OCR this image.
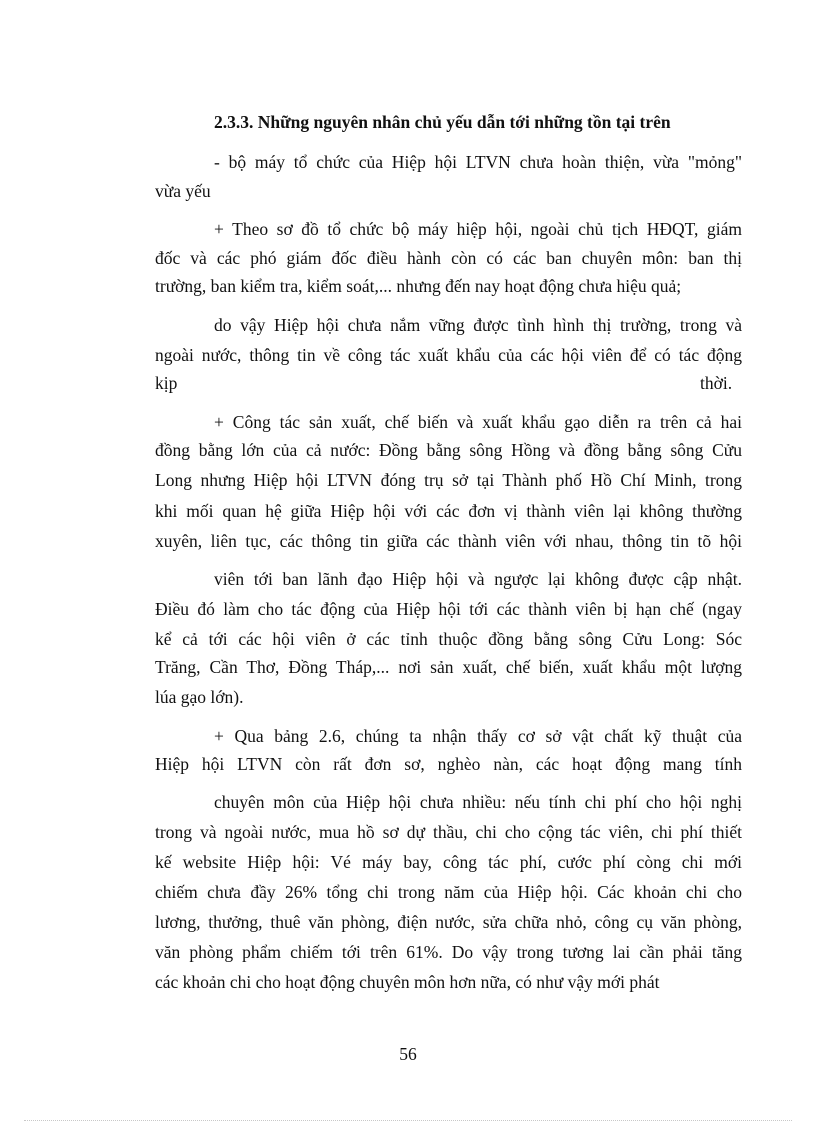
2.3.3. Những nguyên nhân chủ yếu dẫn tới những tồn tại trên
- bộ máy tổ chức của Hiệp hội LTVN chưa hoàn thiện, vừa "mỏng"
vừa yếu
+ Theo sơ đồ tổ chức bộ máy hiệp hội, ngoài chủ tịch HĐQT, giám
đốc và các phó giám đốc điều hành còn có các ban chuyên môn: ban thị
trường, ban kiểm tra, kiểm soát,... nhưng đến nay hoạt động chưa hiệu quả;
do vậy Hiệp hội chưa nắm vững được tình hình thị trường, trong và
ngoài nước, thông tin về công tác xuất khẩu của các hội viên để có tác động
kịp	thời.
+ Công tác sản xuất, chế biến và xuất khẩu gạo diễn ra trên cả hai
đồng bằng lớn của cả nước: Đồng bằng sông Hồng và đồng bằng sông Cửu
Long nhưng Hiệp hội LTVN đóng trụ sở tại Thành phố Hồ Chí Minh, trong
khi mối quan hệ giữa Hiệp hội với các đơn vị thành viên lại không thường
xuyên, liên tục, các thông tin giữa các thành viên với nhau, thông tin tõ hội
viên tới ban lãnh đạo Hiệp hội và ngược lại không được cập nhật.
Điều đó làm cho tác động của Hiệp hội tới các thành viên bị hạn chế (ngay
kể cả tới các hội viên ở các tỉnh thuộc đồng bằng sông Cửu Long: Sóc
Trăng, Cần Thơ, Đồng Tháp,... nơi sản xuất, chế biến, xuất khẩu một lượng
lúa gạo lớn).
+ Qua bảng 2.6, chúng ta nhận thấy cơ sở vật chất kỹ thuật của
Hiệp hội LTVN còn rất đơn sơ, nghèo nàn, các hoạt động mang tính
chuyên môn của Hiệp hội chưa nhiều: nếu tính chi phí cho hội nghị
trong và ngoài nước, mua hồ sơ dự thầu, chi cho cộng tác viên, chi phí thiết
kế website Hiệp hội: Vé máy bay, công tác phí, cước phí còng chi mới
chiếm chưa đầy 26% tổng chi trong năm của Hiệp hội. Các khoản chi cho
lương, thưởng, thuê văn phòng, điện nước, sửa chữa nhỏ, công cụ văn phòng,
văn phòng phẩm chiếm tới trên 61%. Do vậy trong tương lai cần phải tăng
các khoản chi cho hoạt động chuyên môn hơn nữa, có như vậy mới phát
56
